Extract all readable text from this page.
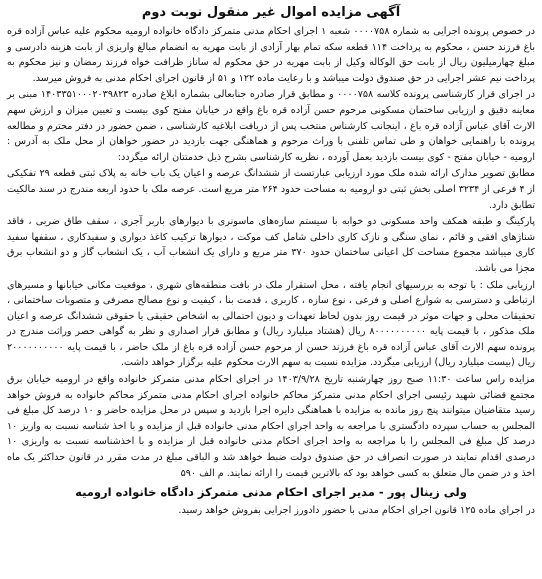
آگهی مزایده اموال غیر منقول نوبت دوم

در خصوص پرونده اجرایی به شماره ۰۰۰۰۷۵۸ شعبه ۱ اجرای احکام مدنی متمرکز دادگاه خانواده ارومیه محکوم علیه عباس آزاده قره باغ فرزند حسن ، محکوم به پرداخت ۱۱۴ قطعه سکه تمام بهار آزادی از بابت مهریه به انضمام مبالغ واریزی از بابت هزینه دادرسی و مبلغ چهارمیلیون ریال از بابت حق الوکاله وکیل از بابت مهریه در حق محکوم له ساناز ظرافت خواه فرزند رمضان و نیز محکوم به پرداخت نیم عشر اجرایی در حق صندوق دولت میباشد و با رعایت ماده ۱۲۲ و ۵۱ از قانون اجرای احکام مدنی به فروش میرسد.

در اجرای قرار کارشناسی پرونده کلاسه ۰۰۰۰۷۵۸ و مطابق قرار صادره جنابعالی بشماره ابلاغ صادره ۱۴۰۳۳۵۱۰۰۰۲۰۳۹۸۲۳ مبنی بر معاینه دقیق و ارزیابی ساختمان مسکونی مرحوم حسن آزاده قره باغ واقع در خیابان مفتح کوی بیست و تعیین میزان و ارزش سهم الارث آقای عباس آزاده قره باغ ، اینجانب کارشناس منتخب پس از دریافت ابلاغیه کارشناسی ، ضمن حضور در دفتر محترم و مطالعه پرونده با راهنمایی خواهان و طی تماس تلفنی با وراث مرحوم و هماهنگی جهت بازدید در حضور خواهان از محل ملک به آدرس : ارومیه - خیابان مفتح - کوی بیست بازدید بعمل آورده ، نظریه کارشناسی بشرح ذیل خدمتتان ارائه میگردد:

مطابق تصویر مدارک ارائه شده ملک مورد ارزیابی عبارتست از ششدانگ عرصه و اعیان یک باب خانه به پلاک ثبتی قطعه ۲۹ تفکیکی از ۴ فرعی از ۳۲۳۴ اصلی بخش ثبتی دو ارومیه به مساحت حدود ۲۶۴ متر مربع است. عرصه ملک با حدود اربعه مندرج در سند مالکیت تطابق دارد.

پارکینگ و طبقه همکف واحد مسکونی دو خوابه با سیستم سازه‌های ماسونری با دیوارهای باربر آجری ، سقف طاق ضربی ، فاقد شناژهای افقی و قائم ، نمای سنگی و نازک کاری داخلی شامل کف موکت ، دیوارها ترکیب کاغذ دیواری و سفیدکاری ، سقفها سفید کاری میباشد مجموع مساحت کل اعیانی ساختمان حدود ۳۷۰ متر مربع و دارای یک انشعاب آب ، یک انشعاب گاز و دو انشعاب برق مجزا می باشد.

ارزیابی ملک : با توجه به بررسیهای انجام یافته ، محل استقرار ملک در بافت منطقه‌های شهری ، موقعیت مکانی خیابانها و مسیرهای ارتباطی و دسترسی به شوارع اصلی و فرعی ، نوع سازه ، کاربری ، قدمت بنا ، کیفیت و نوع مصالح مصرفی و متصوبات ساختمانی ، تحقیقات محلی و جهات موثر در قیمت روز بدون لحاظ تعهدات و دیون احتمالی به اشخاص حقیقی یا حقوقی ششدانگ عرصه و اعیان ملک مذکور ، با قیمت پایه ۸۰۰۰۰۰۰۰۰۰۰ ریال (هشتاد میلیارد ریال) و مطابق قرار اصداری و نظر به گواهی حصر وراثت مندرج در پرونده سهم الارث آقای عباس آزاده قره باغ فرزند حسن از مرحوم حسن آزاده قره باغ از ملک حاضر ، با قیمت پایه ۲۰۰۰۰۰۰۰۰۰۰ ریال (بیست میلیارد ریال) ارزیابی میگردد. مزایده نسبت به سهم الارث محکوم علیه برگزار خواهد داشت.

مزایده راس ساعت ۱۱:۳۰ صبح روز چهارشنبه تاریخ ۱۴۰۳/۹/۲۸ در اجرای احکام مدنی متمرکز خانواده واقع در ارومیه خیابان برق مجتمع قضائی شهید رئیسی اجرای احکام مدنی متمرکز محاکم خانواده اجرای احکام مدنی متمرکز محاکم خانواده به فروش خواهد رسید متقاضیان میتوانند پنج روز مانده به مزایده با هماهنگی دایره اجرا بازدید و سپس در محل مزایده حاضر و ۱۰ درصد کل مبلغ فی المجلس به حساب سپرده دادگستری با مراجعه به واحد اجرای احکام مدنی خانواده قبل از مزایده و با اخذ شناسه نسبت به واریز ۱۰ درصد کل مبلغ فی المجلس را با مراجعه به واحد اجرای احکام مدنی خانواده قبل از مزایده و با اخذشناسه نسبت به واریزی ۱۰ درصدی اقدام نمایند در صورت انصراف در حق صندوق دولت ضبط خواهد شد و الباقی مبلغ در مدت مقرر در قانون حداکثر یک ماه اخذ و در ضمن مال متعلق به کسی خواهد بود که بالاترین قیمت را ارائه نمایند. م الف ۵۹۰

ولی زینال پور - مدیر اجرای احکام مدنی متمرکز دادگاه خانواده ارومیه

در اجرای ماده ۱۲۵ قانون اجرای احکام مدنی با حضور دادورز اجرایی بفروش خواهد رسید.
